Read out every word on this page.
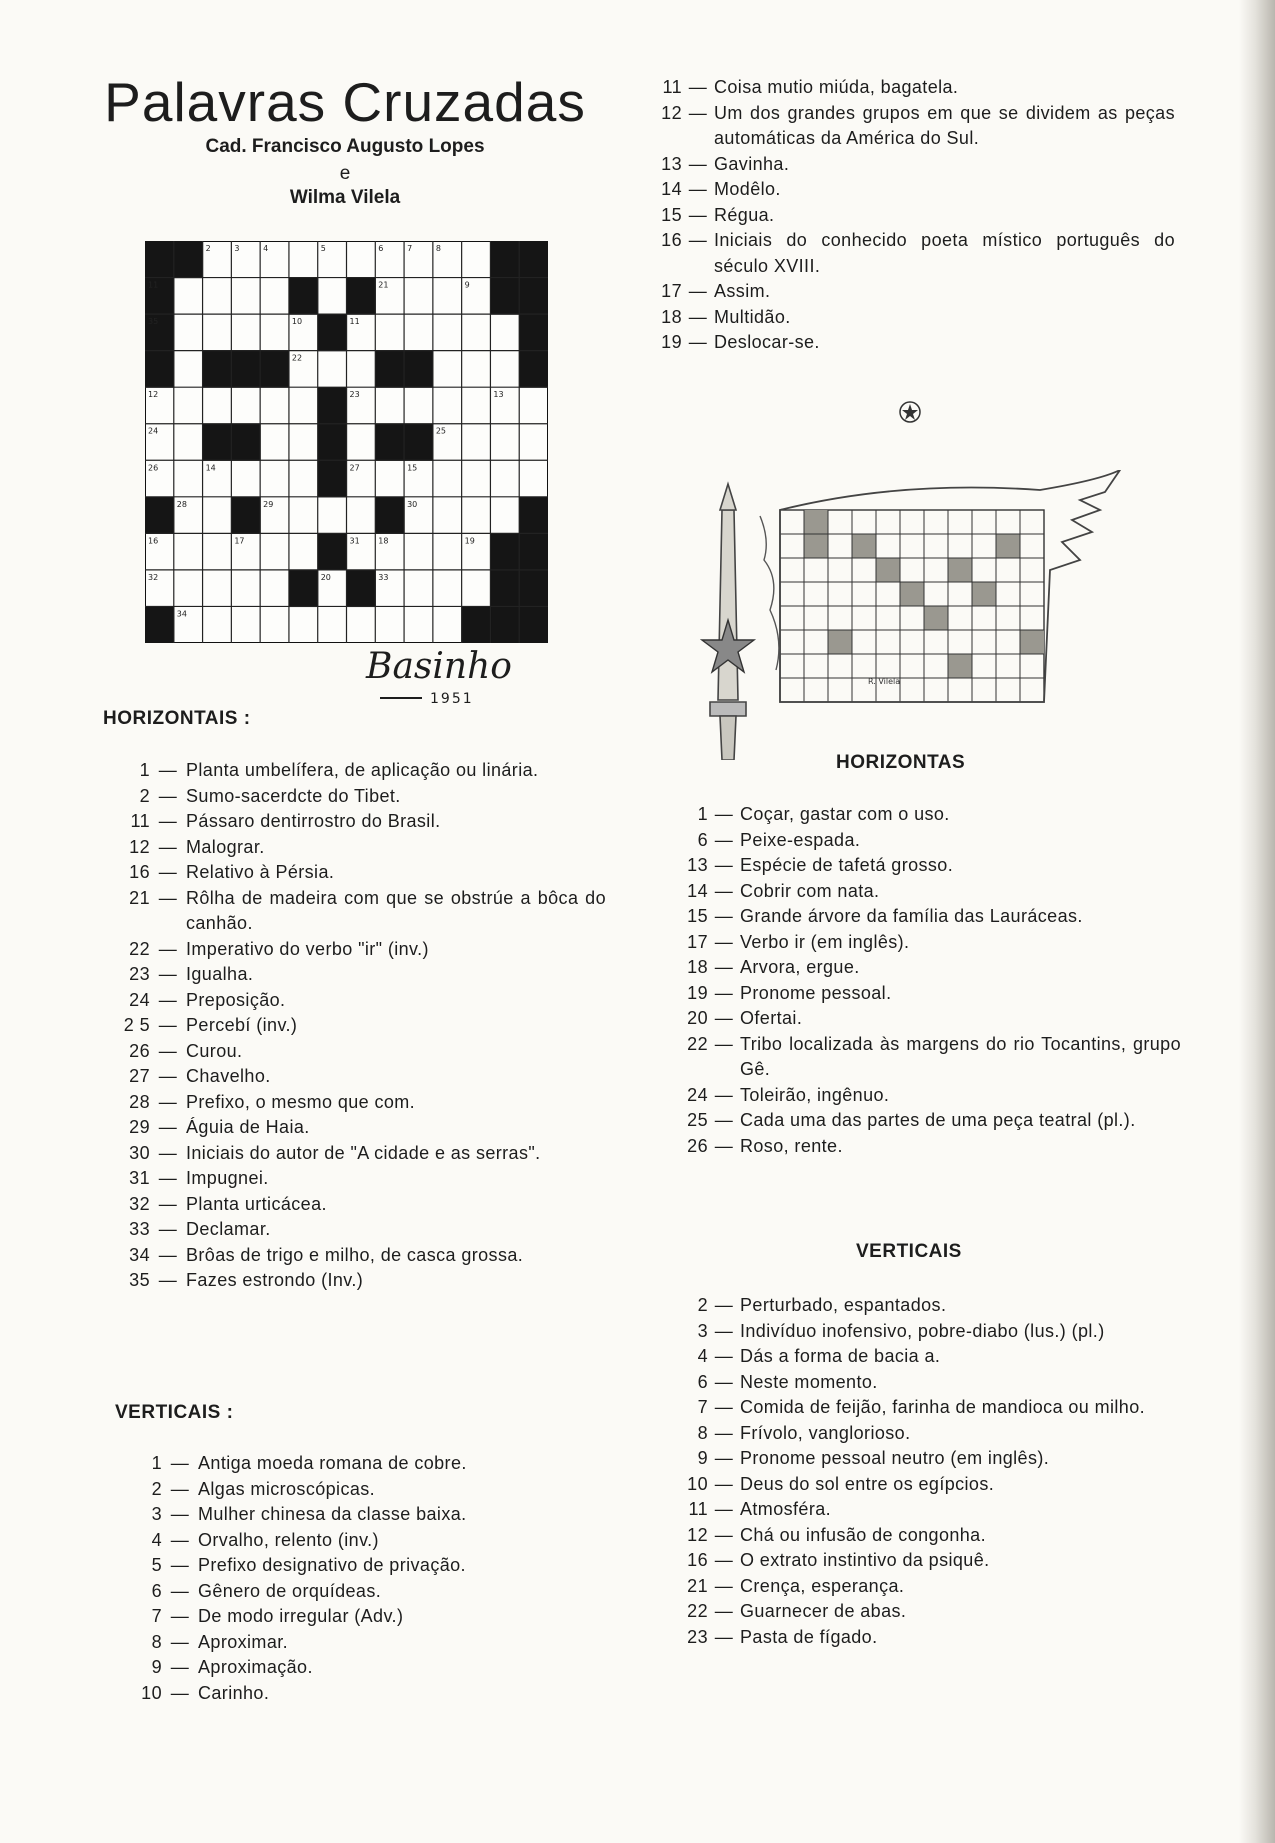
Palavras Cruzadas
Cad. Francisco Augusto Lopes
e
Wilma Vilela
2	3	4	5	6	7	8
11	21	9
35	10	11
22
12	23	13
24	25
26	14	27	15
28	29	30
16	17	31 18	19
32	20	33
34
Basinho
1951
HORIZONTAIS :
1 — Planta umbelífera, de aplicação ou linária.
2 — Sumo-sacerdcte do Tibet.
11 — Pássaro dentirrostro do Brasil.
12 — Malograr.
16 — Relativo à Pérsia.
21 — Rôlha de madeira com que se obstrúe a bôca do canhão.
22 — Imperativo do verbo "ir" (inv.)
23 — Igualha.
24 — Preposição.
2 5 — Percebí (inv.)
26 — Curou.
27 — Chavelho.
28 — Prefixo, o mesmo que com.
29 — Águia de Haia.
30 — Iniciais do autor de "A cidade e as serras".
31 — Impugnei.
32 — Planta urticácea.
33 — Declamar.
34 — Brôas de trigo e milho, de casca grossa.
35 — Fazes estrondo (Inv.)
VERTICAIS :
1 — Antiga moeda romana de cobre.
2 — Algas microscópicas.
3 — Mulher chinesa da classe baixa.
4 — Orvalho, relento (inv.)
5 — Prefixo designativo de privação.
6 — Gênero de orquídeas.
7 — De modo irregular (Adv.)
8 — Aproximar.
9 — Aproximação.
10 — Carinho.
11 — Coisa mutio miúda, bagatela.
12 — Um dos grandes grupos em que se dividem as peças automáticas da América do Sul.
13 — Gavinha.
14 — Modêlo.
15 — Régua.
16 — Iniciais do conhecido poeta místico português do século XVIII.
17 — Assim.
18 — Multidão.
19 — Deslocar-se.
R. Vilela
HORIZONTAS
1 — Coçar, gastar com o uso.
6 — Peixe-espada.
13 — Espécie de tafetá grosso.
14 — Cobrir com nata.
15 — Grande árvore da família das Lauráceas.
17 — Verbo ir (em inglês).
18 — Arvora, ergue.
19 — Pronome pessoal.
20 — Ofertai.
22 — Tribo localizada às margens do rio Tocantins, grupo Gê.
24 — Toleirão, ingênuo.
25 — Cada uma das partes de uma peça teatral (pl.).
26 — Roso, rente.
VERTICAIS
2 — Perturbado, espantados.
3 — Indivíduo inofensivo, pobre-diabo (lus.) (pl.)
4 — Dás a forma de bacia a.
6 — Neste momento.
7 — Comida de feijão, farinha de mandioca ou milho.
8 — Frívolo, vanglorioso.
9 — Pronome pessoal neutro (em inglês).
10 — Deus do sol entre os egípcios.
11 — Atmosféra.
12 — Chá ou infusão de congonha.
16 — O extrato instintivo da psiquê.
21 — Crença, esperança.
22 — Guarnecer de abas.
23 — Pasta de fígado.
